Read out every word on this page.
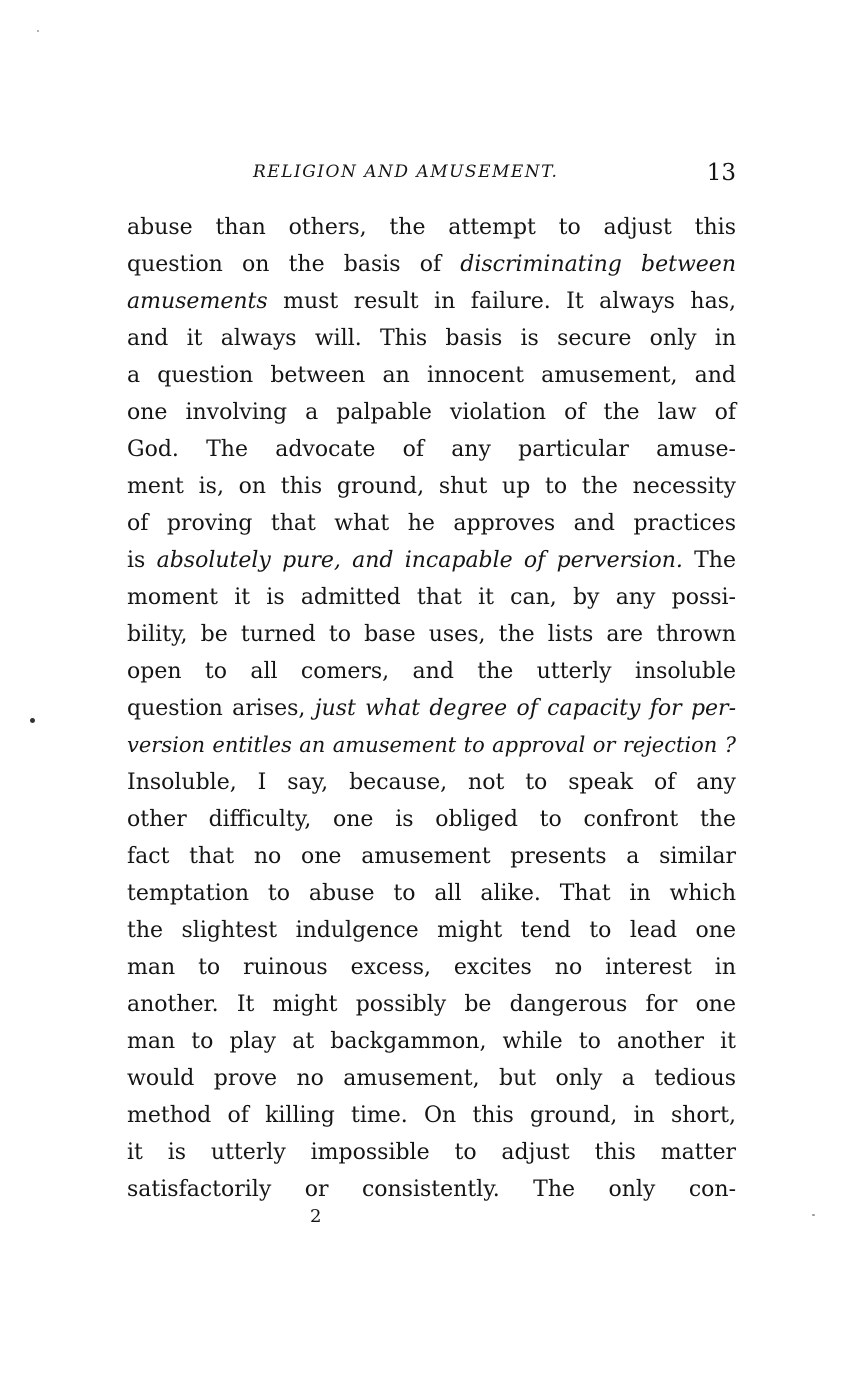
RELIGION AND AMUSEMENT.	13
abuse than others, the attempt to adjust this
question on the basis of discriminating between
amusements must result in failure. It always has,
and it always will. This basis is secure only in
a question between an innocent amusement, and
one involving a palpable violation of the law of
God. The advocate of any particular amuse-
ment is, on this ground, shut up to the necessity
of proving that what he approves and practices
is absolutely pure, and incapable of perversion. The
moment it is admitted that it can, by any possi-
bility, be turned to base uses, the lists are thrown
open to all comers, and the utterly insoluble
question arises, just what degree of capacity for per-
version entitles an amusement to approval or rejection ?
Insoluble, I say, because, not to speak of any
other difficulty, one is obliged to confront the
fact that no one amusement presents a similar
temptation to abuse to all alike. That in which
the slightest indulgence might tend to lead one
man to ruinous excess, excites no interest in
another. It might possibly be dangerous for one
man to play at backgammon, while to another it
would prove no amusement, but only a tedious
method of killing time. On this ground, in short,
it is utterly impossible to adjust this matter
satisfactorily or consistently. The only con-
2
